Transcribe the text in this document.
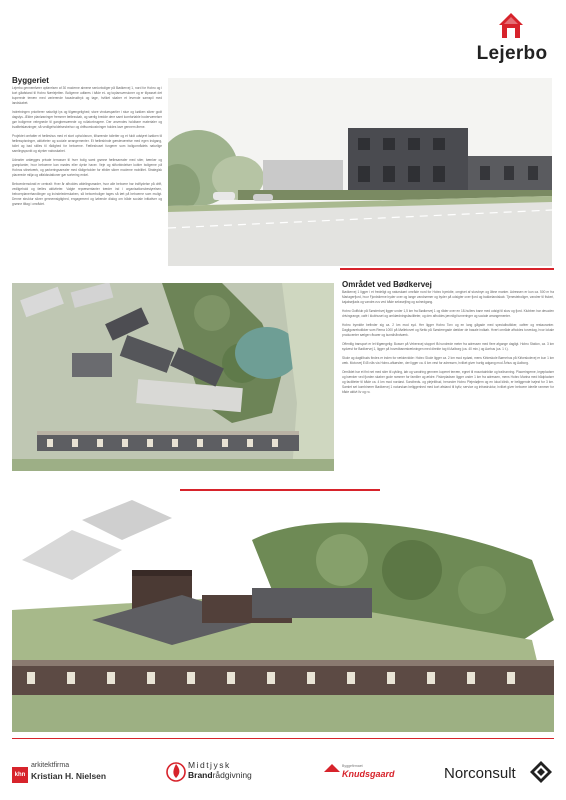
Lejerbo
Byggeriet

Lejerbo gennemfører opførelsen af 30 moderne almene seniorboliger på Bødkervej 1, nord for Hobro og i kort gåafstand til Hobro Nærlejetten. Boligerne udføres i både et- og toplansversioner og er tilpasset det kuperede terræn med varierende facadeudtryk og tage, hvilket skaber et levende samspil med landskabet.

Indretningen prioriterer naturligt lys og tilgængelighed; store vinduespartier i stue og køkken sikrer godt dagslys. Ældre planløsninger fremmer fællesskab, og særlig bredde dere samt komfortable boderværelser gør boligerne velegnede til gangbesværede og rullatorbrugere. Der anvendes holdbare materialer og kvalitetsløsninger, så vedligeholdelsesbehov og driftsomkostninger holdes lave gennem årene.

Projektet omfatter et fælleshus med et stort opholdsrum, tilhørende toiletter og et fuldt udstyret køkken til fællesspisninger, aktiviteter og sociale arrangementer. Et fællesbinde gæsteværelse med egen indgang, toilet og bad stilles til rådighed for beboerne. Fælleshuset fungerer som boligområdets naturlige samlingspunkt og styrker naboskabet.

Udearler anlægges private terrasser til hver bolig samt grønne fællesarealer med stier, bænker og grønplanter, hvor beboerne kan mødes eller dyrke haver. Veje og stiforbindelser kobler boligerne på Hobros stinetværk, og parkeringsarealer med rådigeholder for elbiler sikrer moderne mobilitet. Strategisk placerede miljø og affaldsstationer gør sortering enkel.

Beboerdemokrati er centralt: Hver år afholdes afdelingsmøder, hvor alle beboere har indflydelse på drift, vedligehold og fælles aktiviteter. Valgte repræsentanter træder ind i organisationsbestyrelsen, beboerplanerhandlinger og kvindelederskaben, så beboerboliger tages så tæt på beboerne som muligt. Denne struktur sikrer gennemsigtighed, engagement og løbende dialog om både sociale initiativer og grønne tiltag i området.

Området ved Bødkervej

Bødkervej 1 ligger i et fredeligt og naturskønt område nord for Hobro bymidte, omgivet af skovbryn og åbne marker. Adressen er kun ca. 500 m fra Mariagerfjord, hvor Fjordstierne byder over og lange vandrørmer og byder på udsigter over fjord og bakkelandskab. Tjenesteboliger, vandrer til fiskeri, kajaksejlads og vandre-rus ved både sekssejling og solnedgang.

Hobro Golfklub på Sønderkvej ligger under 1,5 km fra Bødkervej 1 og råder over en 18-hullers bane med udsigt til skov og fjord. Klubben har desuden drivingrange, café i klubhuset og omklædningsfaciliteter, og den afholdes jævnligt turneringer og sociale arrangementer.

Hobro bymidte befinder sig ca. 2 km mod syd. Her ligger Hobro Torv og en lang gågade med specialbutikker, caféer og restauranter. Dagligvarebutikker som Rema 1000 på Mølletorvet og Netto på Sønderegade dækker de basale indkøb. Hvert område afholdes torvedag, hvor lokale producenter sælger råvarer og kunsthåndværk.

Offentlig transport er let tilgængelig: Busser på Vebersvej stoppet få hundrede meter fra adressen med flere afgange dagligt. Hobro Station, ca. 3 km sydvest for Bødkervej 1, ligger på hovedbanestrækningen med direkte tog til Aalborg (ca. 40 min.) og Aarhus (ca. 1 t.).

Skole og dagtilbuds findes er inden for rækkevidde: Hobro Skole ligger ca. 2 km mod sydøst, mens Kirkeskole Børnehus på Kirkeskolevej er kun 1 km væk. Motorvej E45 nås via Hobro-afkørslen, der ligger ca. 6 km vest for adressen, hvilket giver hurtig adgang mod Århus og Aalborg.

Området har et fint net med stier til cykling, løb og vandring gennem kuperet terræn, egnet til mountainbike og trailrunning. Placeringerne, legepladser og bænker ved fjorden skaber gode rammer for familier og ældre. Fiskepladsen ligger under 1 km fra adressen, mens Hobro Marina med bådpladser og faciliteter til både ca. 4 km mod nordøst. Sundheds- og plejetilbud, herunder Hobro Plejedøjlem og en lokal klinik, er beliggende højest for 3 km. Samlet set kombinerer Bødkervej 1 naturskøn beliggenhed med kort afstand til byliv, service og infrastruktur, hvilket giver beboere ideelle rammer for både aktivt liv og ro.

khn
arkitektfirma
Kristian H. Nielsen
Midtjysk
Brandrådgivning
Byggefirmaet
Knudsgaard	Norconsult
